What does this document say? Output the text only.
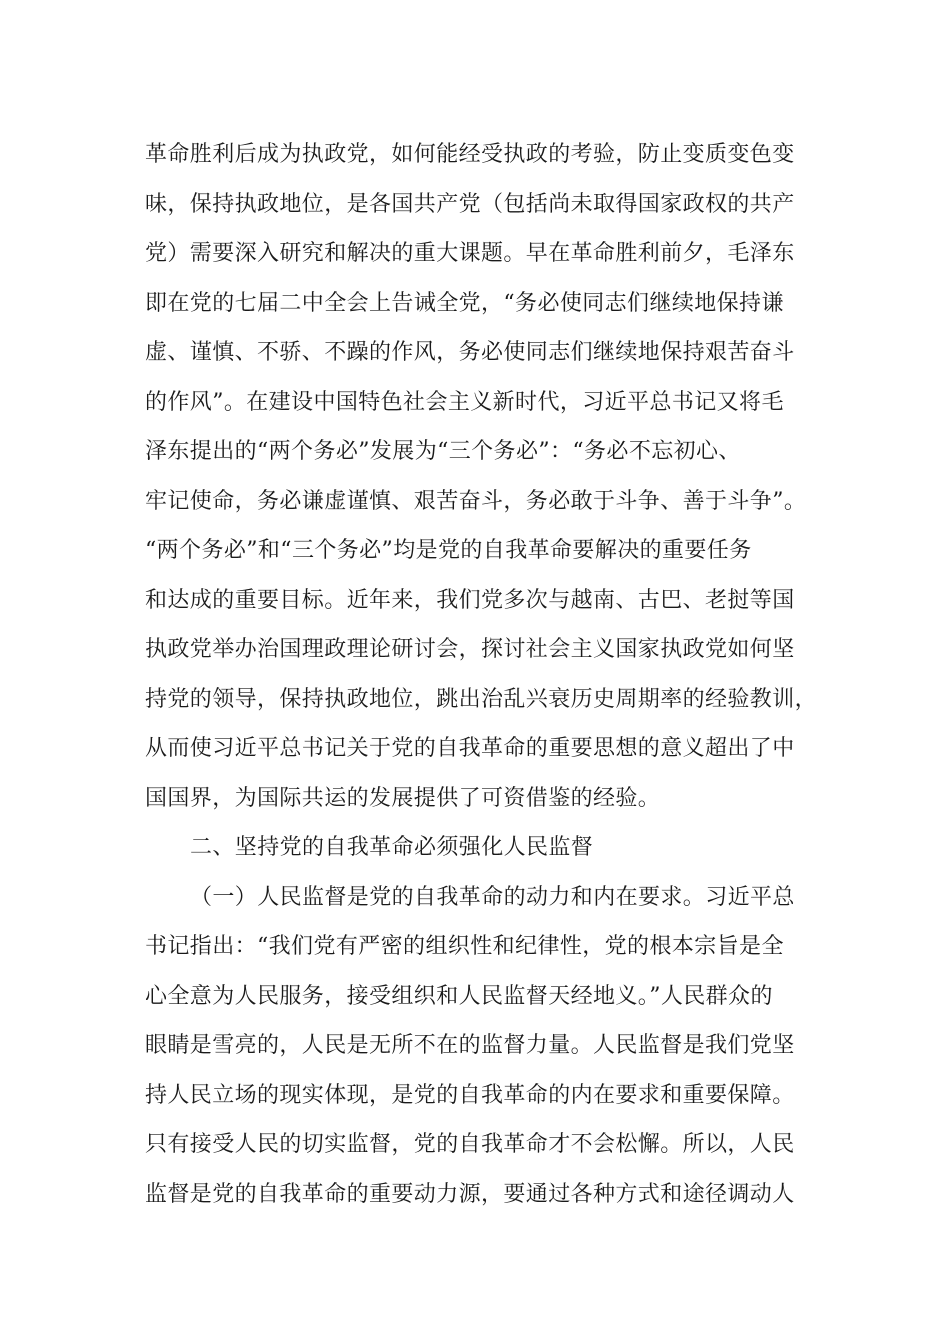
革命胜利后成为执政党，如何能经受执政的考验，防止变质变色变
味，保持执政地位，是各国共产党（包括尚未取得国家政权的共产
党）需要深入研究和解决的重大课题。早在革命胜利前夕，毛泽东
即在党的七届二中全会上告诫全党，“务必使同志们继续地保持谦
虚、谨慎、不骄、不躁的作风，务必使同志们继续地保持艰苦奋斗
的作风”。在建设中国特色社会主义新时代，习近平总书记又将毛
泽东提出的“两个务必”发展为“三个务必”：“务必不忘初心、
牢记使命，务必谦虚谨慎、艰苦奋斗，务必敢于斗争、善于斗争”。
“两个务必”和“三个务必”均是党的自我革命要解决的重要任务
和达成的重要目标。近年来，我们党多次与越南、古巴、老挝等国
执政党举办治国理政理论研讨会，探讨社会主义国家执政党如何坚
持党的领导，保持执政地位，跳出治乱兴衰历史周期率的经验教训，
从而使习近平总书记关于党的自我革命的重要思想的意义超出了中
国国界，为国际共运的发展提供了可资借鉴的经验。
二、坚持党的自我革命必须强化人民监督
（一）人民监督是党的自我革命的动力和内在要求。习近平总
书记指出：“我们党有严密的组织性和纪律性，党的根本宗旨是全
心全意为人民服务，接受组织和人民监督天经地义。”人民群众的
眼睛是雪亮的，人民是无所不在的监督力量。人民监督是我们党坚
持人民立场的现实体现，是党的自我革命的内在要求和重要保障。
只有接受人民的切实监督，党的自我革命才不会松懈。所以，人民
监督是党的自我革命的重要动力源，要通过各种方式和途径调动人
